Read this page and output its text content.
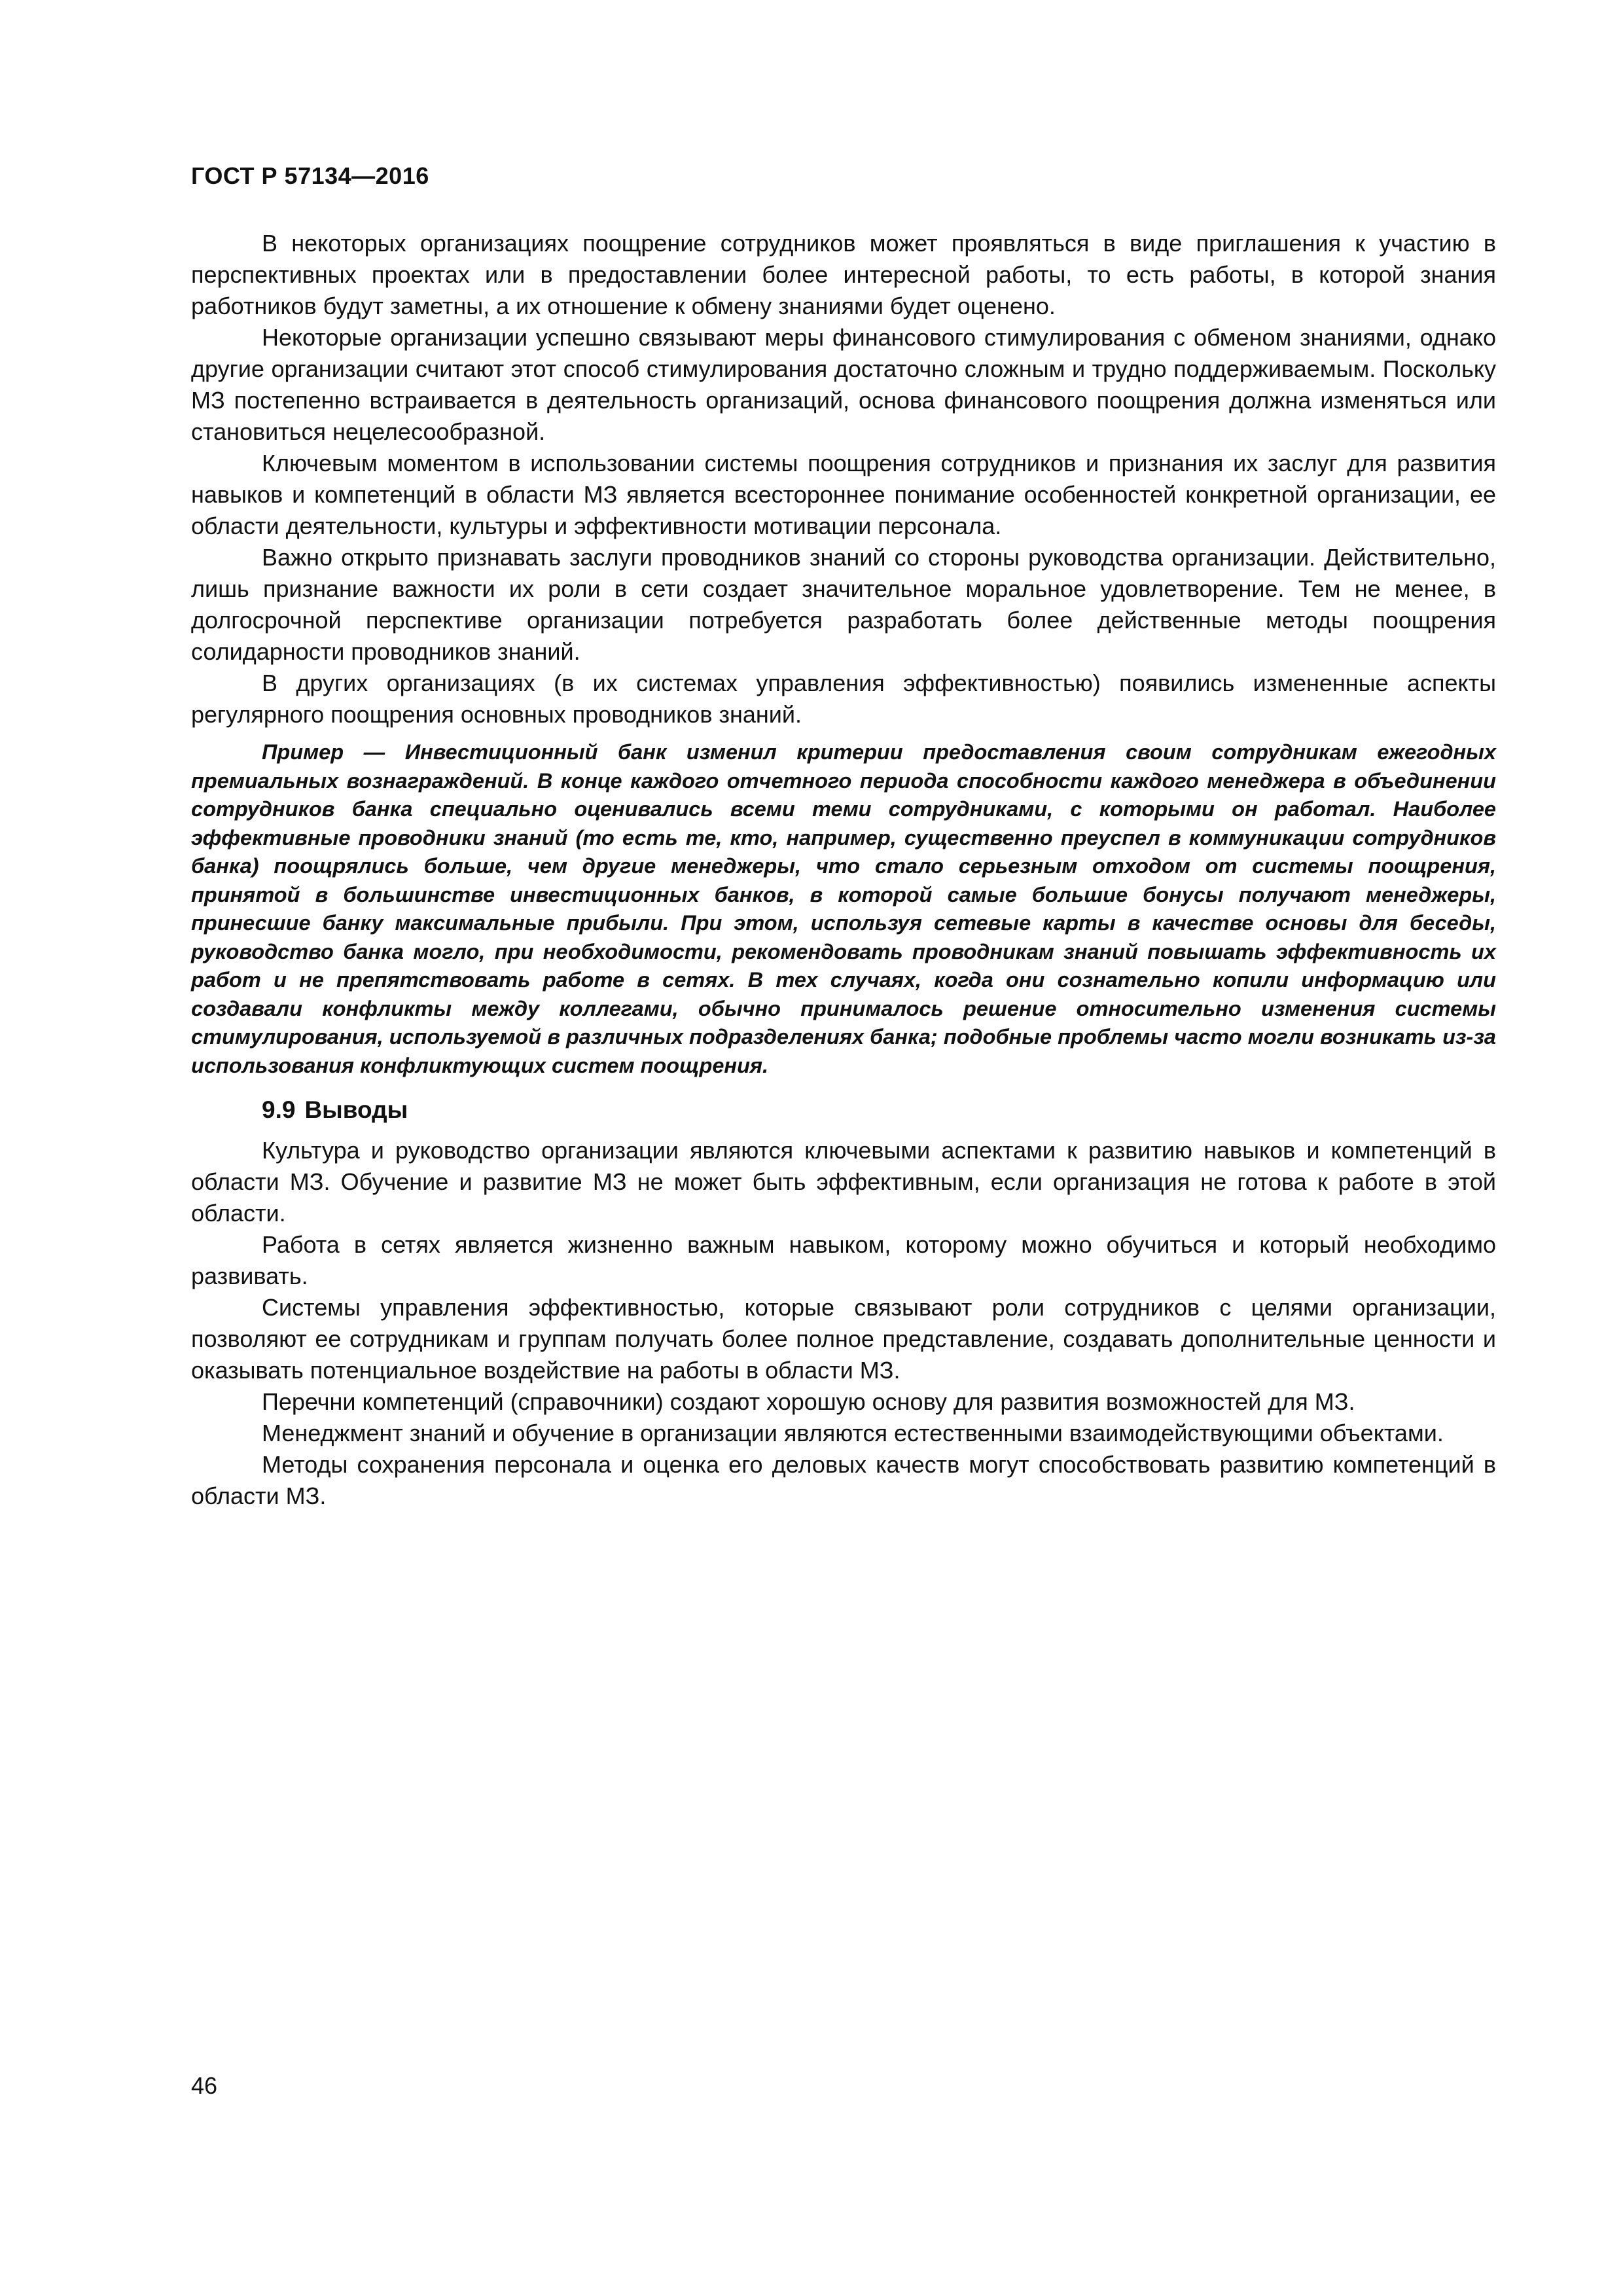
ГОСТ Р 57134—2016

В некоторых организациях поощрение сотрудников может проявляться в виде приглашения к участию в перспективных проектах или в предоставлении более интересной работы, то есть работы, в которой знания работников будут заметны, а их отношение к обмену знаниями будет оценено.

Некоторые организации успешно связывают меры финансового стимулирования с обменом знаниями, однако другие организации считают этот способ стимулирования достаточно сложным и трудно поддерживаемым. Поскольку МЗ постепенно встраивается в деятельность организаций, основа финансового поощрения должна изменяться или становиться нецелесообразной.

Ключевым моментом в использовании системы поощрения сотрудников и признания их заслуг для развития навыков и компетенций в области МЗ является всестороннее понимание особенностей конкретной организации, ее области деятельности, культуры и эффективности мотивации персонала.

Важно открыто признавать заслуги проводников знаний со стороны руководства организации. Действительно, лишь признание важности их роли в сети создает значительное моральное удовлетворение. Тем не менее, в долгосрочной перспективе организации потребуется разработать более действенные методы поощрения солидарности проводников знаний.

В других организациях (в их системах управления эффективностью) появились измененные аспекты регулярного поощрения основных проводников знаний.

Пример — Инвестиционный банк изменил критерии предоставления своим сотрудникам ежегодных премиальных вознаграждений. В конце каждого отчетного периода способности каждого менеджера в объединении сотрудников банка специально оценивались всеми теми сотрудниками, с которыми он работал. Наиболее эффективные проводники знаний (то есть те, кто, например, существенно преуспел в коммуникации сотрудников банка) поощрялись больше, чем другие менеджеры, что стало серьезным отходом от системы поощрения, принятой в большинстве инвестиционных банков, в которой самые большие бонусы получают менеджеры, принесшие банку максимальные прибыли. При этом, используя сетевые карты в качестве основы для беседы, руководство банка могло, при необходимости, рекомендовать проводникам знаний повышать эффективность их работ и не препятствовать работе в сетях. В тех случаях, когда они сознательно копили информацию или создавали конфликты между коллегами, обычно принималось решение относительно изменения системы стимулирования, используемой в различных подразделениях банка; подобные проблемы часто могли возникать из-за использования конфликтующих систем поощрения.

9.9 Выводы

Культура и руководство организации являются ключевыми аспектами к развитию навыков и компетенций в области МЗ. Обучение и развитие МЗ не может быть эффективным, если организация не готова к работе в этой области.

Работа в сетях является жизненно важным навыком, которому можно обучиться и который необходимо развивать.

Системы управления эффективностью, которые связывают роли сотрудников с целями организации, позволяют ее сотрудникам и группам получать более полное представление, создавать дополнительные ценности и оказывать потенциальное воздействие на работы в области МЗ.

Перечни компетенций (справочники) создают хорошую основу для развития возможностей для МЗ.

Менеджмент знаний и обучение в организации являются естественными взаимодействующими объектами.

Методы сохранения персонала и оценка его деловых качеств могут способствовать развитию компетенций в области МЗ.

46
